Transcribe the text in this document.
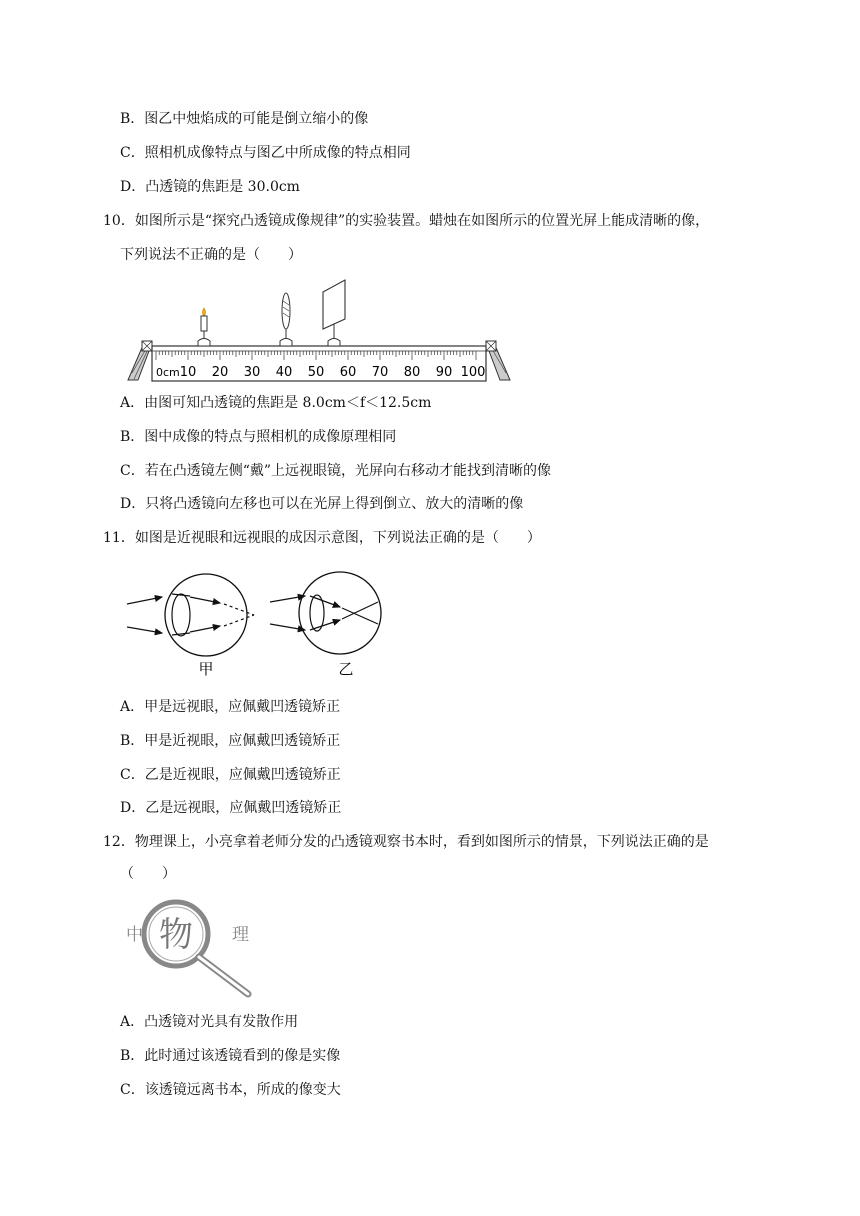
B．图乙中烛焰成的可能是倒立缩小的像
C．照相机成像特点与图乙中所成像的特点相同
D．凸透镜的焦距是 30.0cm
10．如图所示是“探究凸透镜成像规律”的实验装置。蜡烛在如图所示的位置光屏上能成清晰的像，
下列说法不正确的是（　　）
0cm 10 20 30 40 50 60 70 80 90 100
A．由图可知凸透镜的焦距是 8.0cm＜f＜12.5cm
B．图中成像的特点与照相机的成像原理相同
C．若在凸透镜左侧“戴”上远视眼镜，光屏向右移动才能找到清晰的像
D．只将凸透镜向左移也可以在光屏上得到倒立、放大的清晰的像
11．如图是近视眼和远视眼的成因示意图，下列说法正确的是（　　）
甲	乙
A．甲是远视眼，应佩戴凹透镜矫正
B．甲是近视眼，应佩戴凹透镜矫正
C．乙是近视眼，应佩戴凹透镜矫正
D．乙是远视眼，应佩戴凹透镜矫正
12．物理课上，小亮拿着老师分发的凸透镜观察书本时，看到如图所示的情景，下列说法正确的是
（　　）
中 物 理
A．凸透镜对光具有发散作用
B．此时通过该透镜看到的像是实像
C．该透镜远离书本，所成的像变大
